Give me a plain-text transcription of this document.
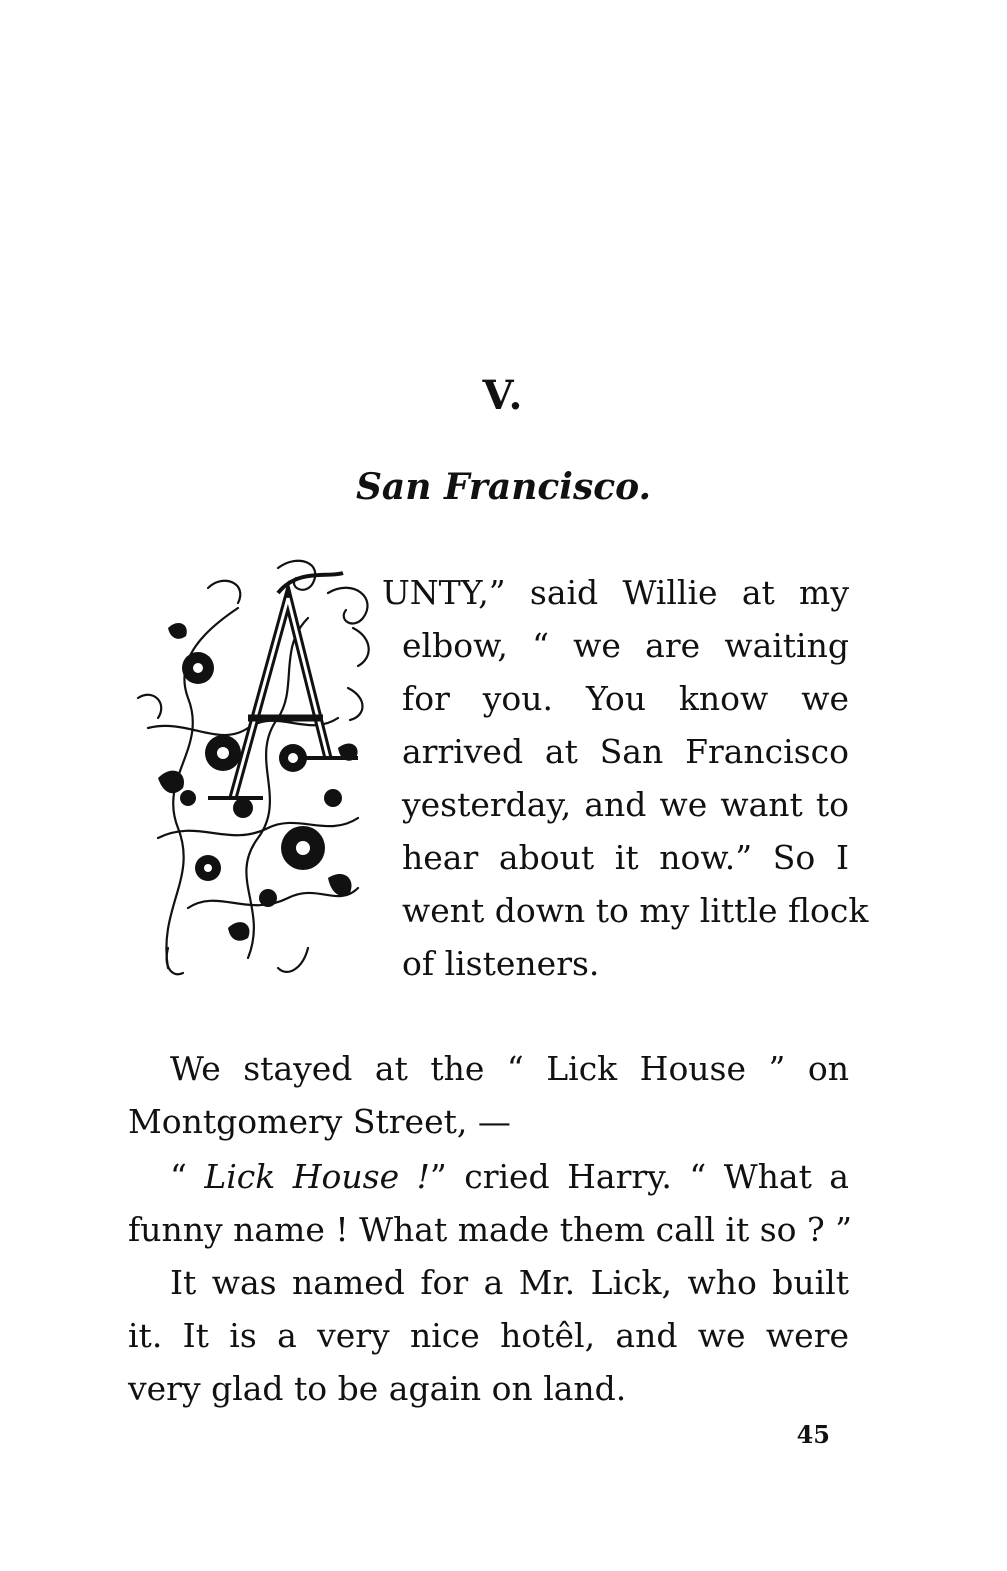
V.
San Francisco.
UNTY,” said Willie at my
elbow, “ we are waiting
for you. You know we
arrived at San Francisco
yesterday, and we want to
hear about it now.” So I
went down to my little flock
of listeners.
We stayed at the “ Lick House ” on
Montgomery Street, —
“ Lick House !” cried Harry. “ What a
funny name ! What made them call it so ? ”
It was named for a Mr. Lick, who built
it. It is a very nice hotêl, and we were
very glad to be again on land.
45
